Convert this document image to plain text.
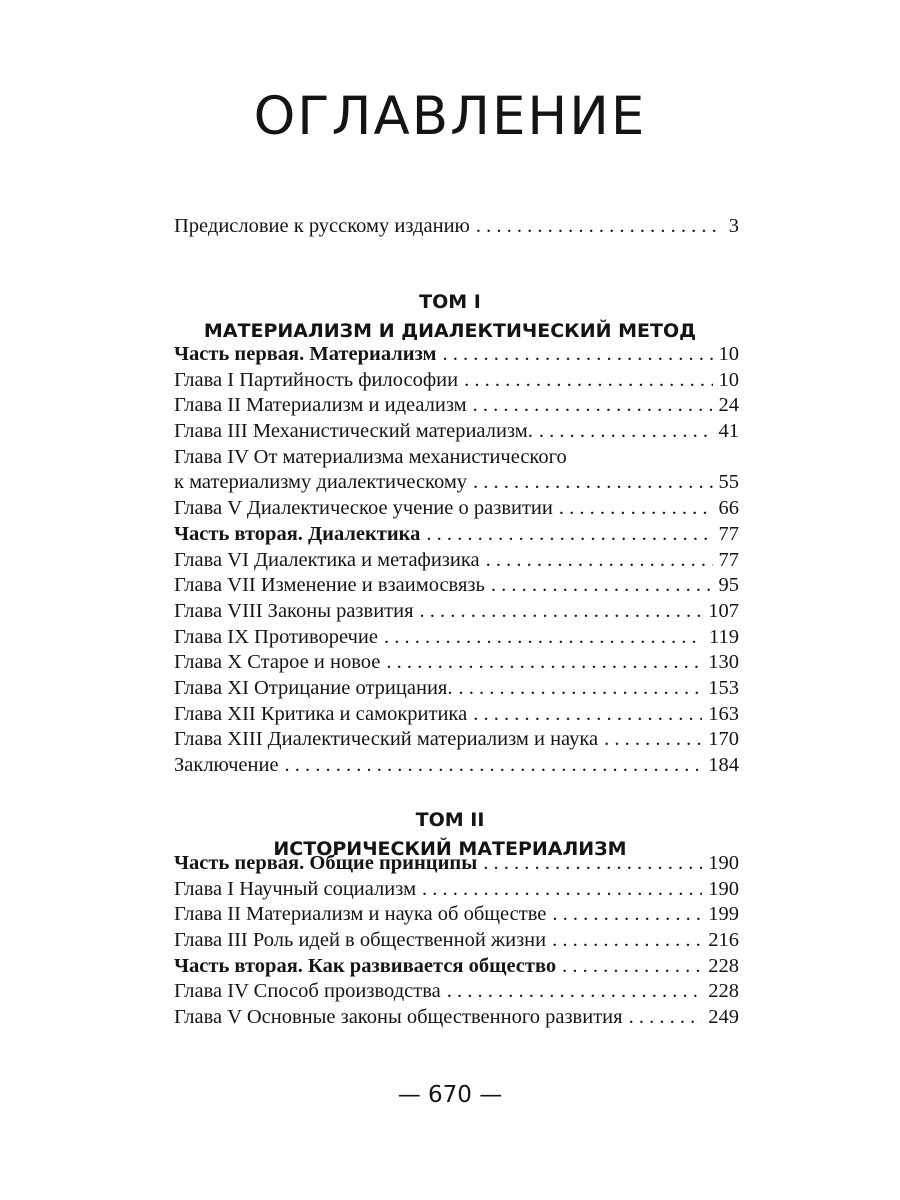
ОГЛАВЛЕНИЕ
Предисловие к русскому изданию . . .	3
ТОМ I
МАТЕРИАЛИЗМ И ДИАЛЕКТИЧЕСКИЙ МЕТОД
Часть первая. Материализм . . .	10
Глава I Партийность философии . . .	10
Глава II Материализм и идеализм . . .	24
Глава III Механистический материализм. . . .	41
Глава IV От материализма механистического
к материализму диалектическому . . .	55
Глава V Диалектическое учение о развитии . . .	66
Часть вторая. Диалектика . . .	77
Глава VI Диалектика и метафизика . . .	77
Глава VII Изменение и взаимосвязь . . .	95
Глава VIII Законы развития . . .	107
Глава IX Противоречие . . .	119
Глава X Старое и новое . . .	130
Глава XI Отрицание отрицания. . . .	153
Глава XII Критика и самокритика . . .	163
Глава XIII Диалектический материализм и наука . . .	170
Заключение . . .	184
ТОМ II
ИСТОРИЧЕСКИЙ МАТЕРИАЛИЗМ
Часть первая. Общие принципы . . .	190
Глава I Научный социализм . . .	190
Глава II Материализм и наука об обществе . . .	199
Глава III Роль идей в общественной жизни . . .	216
Часть вторая. Как развивается общество . . .	228
Глава IV Способ производства . . .	228
Глава V Основные законы общественного развития . . .	249
— 670 —
